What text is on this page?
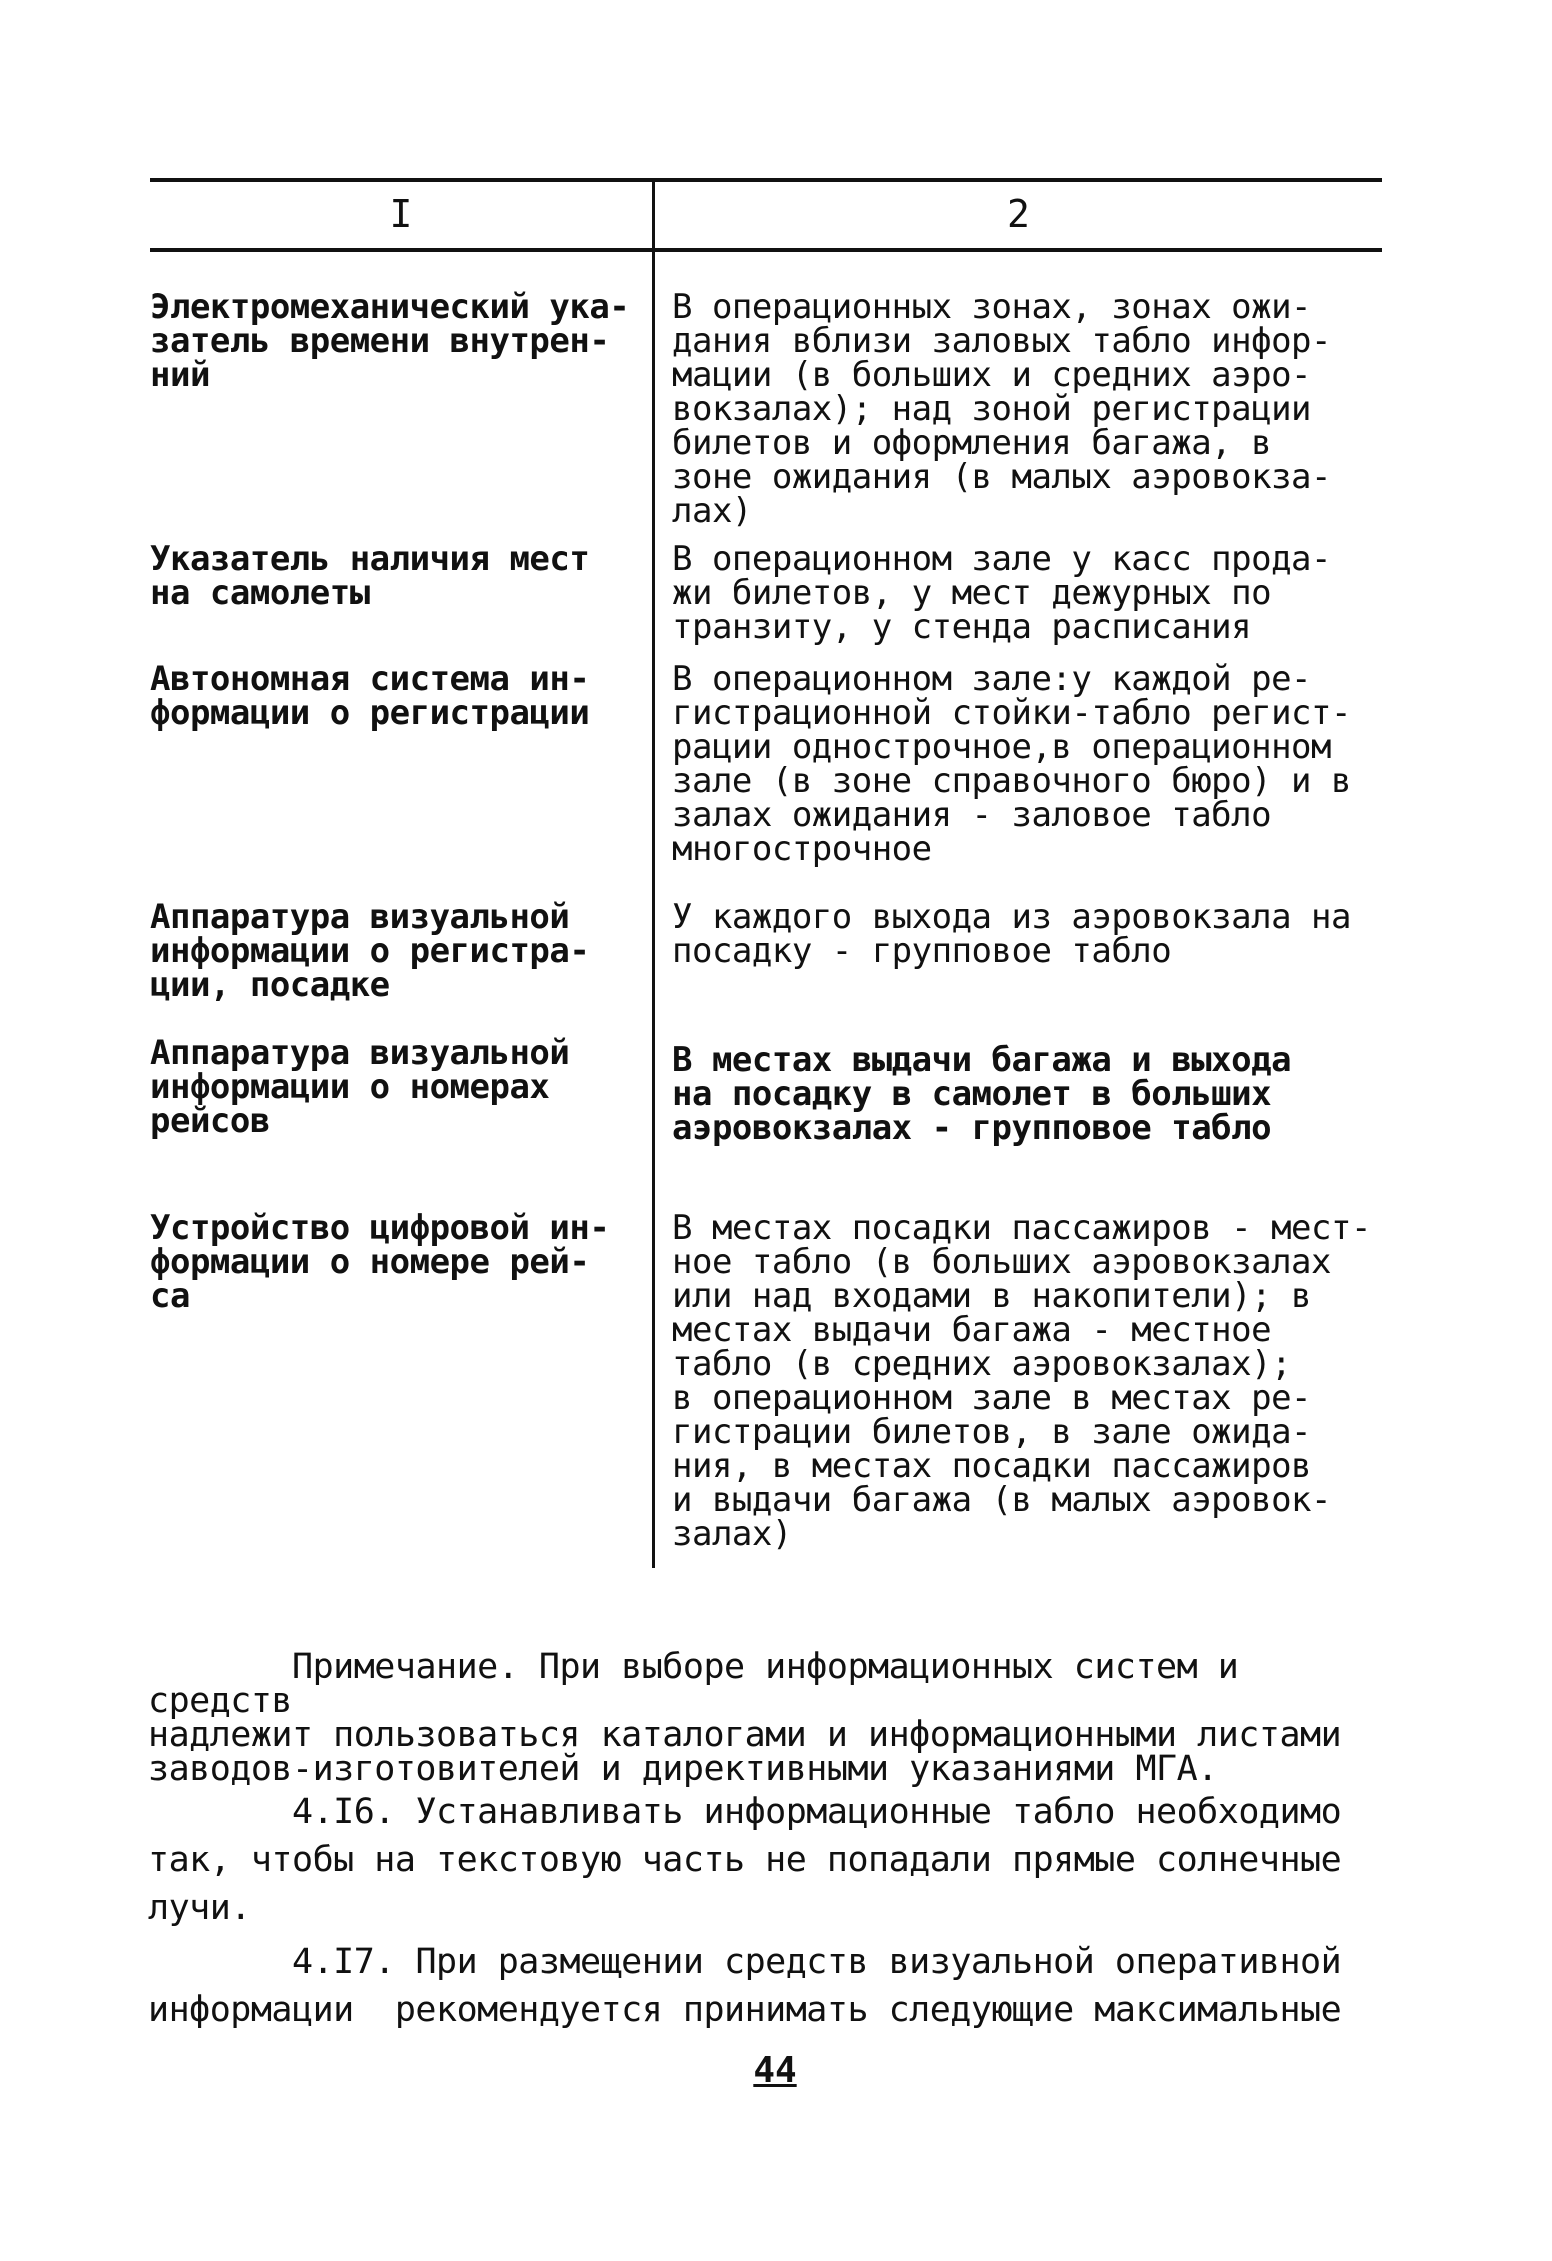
I	2
Электромеханический ука-
затель времени внутрен-
ний
В операционных зонах, зонах ожи-
дания вблизи заловых табло инфор-
мации (в больших и средних аэро-
вокзалах); над зоной регистрации
билетов и оформления багажа, в
зоне ожидания (в малых аэровокза-
лах)
Указатель наличия мест
на самолеты
В операционном зале у касс прода-
жи билетов, у мест дежурных по
транзиту, у стенда расписания
Автономная система ин-
формации о регистрации
В операционном зале:у каждой ре-
гистрационной стойки-табло регист-
рации однострочное,в операционном
зале (в зоне справочного бюро) и в
залах ожидания - заловое табло
многострочное
Аппаратура визуальной
информации о регистра-
ции, посадке
У каждого выхода из аэровокзала на
посадку - групповое табло
Аппаратура визуальной
информации о номерах
рейсов
В местах выдачи багажа и выхода
на посадку в самолет в больших
аэровокзалах - групповое табло
Устройство цифровой ин-
формации о номере рей-
са
В местах посадки пассажиров - мест-
ное табло (в больших аэровокзалах
или над входами в накопители); в
местах выдачи багажа - местное
табло (в средних аэровокзалах);
в операционном зале в местах ре-
гистрации билетов, в зале ожида-
ния, в местах посадки пассажиров
и выдачи багажа (в малых аэровок-
залах)
Примечание. При выборе информационных систем и средств
надлежит пользоваться каталогами и информационными листами
заводов-изготовителей и директивными указаниями МГА.
4.I6. Устанавливать информационные табло необходимо
так, чтобы на текстовую часть не попадали прямые солнечные
лучи.
4.I7. При размещении средств визуальной оперативной
информации  рекомендуется принимать следующие максимальные
44
